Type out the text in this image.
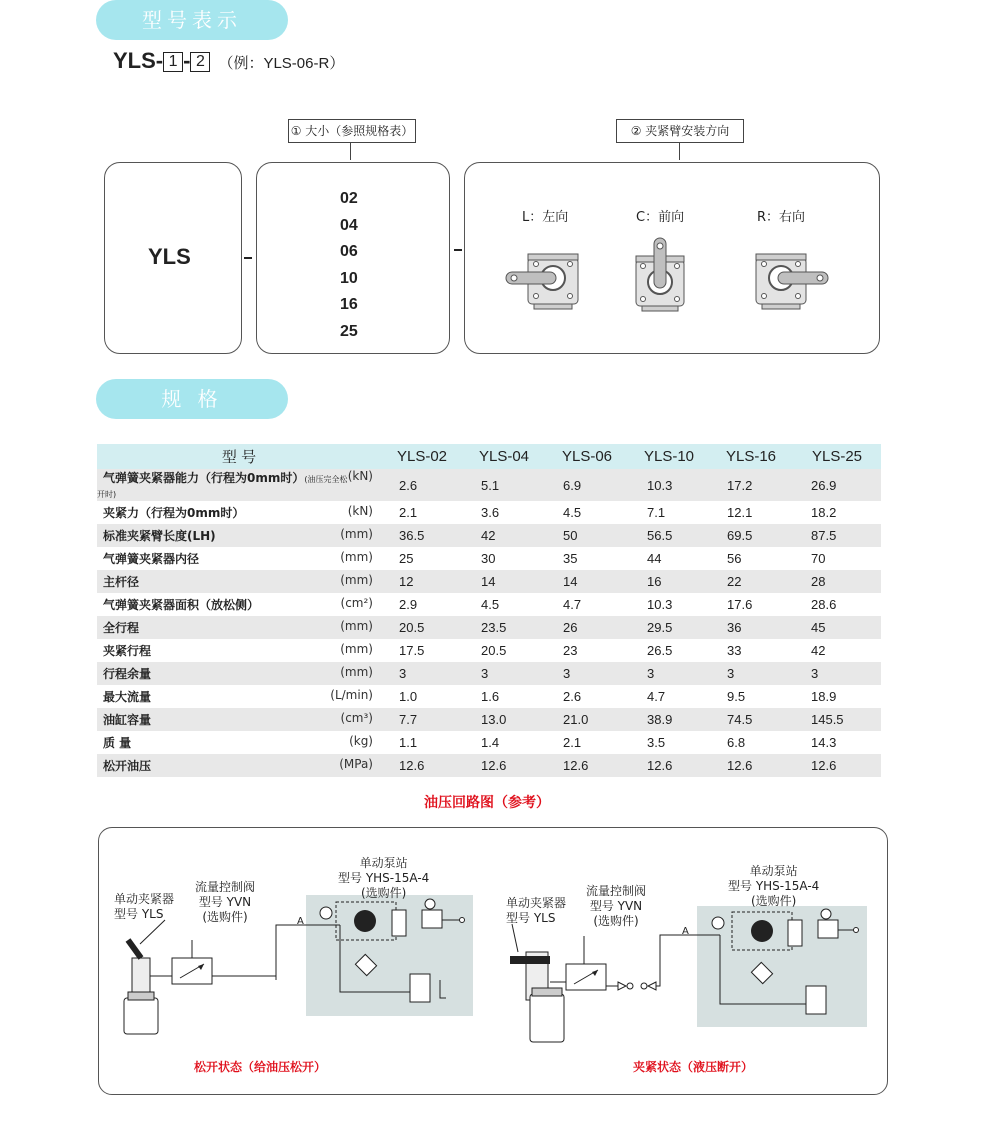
型号表示
YLS- 1 - 2 （例：YLS-06-R）
① 大小（参照规格表）	② 夹紧臂安装方向
YLS
02
04
06
10
16
25
L：左向	C：前向	R：右向
规 格
型 号	YLS-02	YLS-04	YLS-06	YLS-10	YLS-16	YLS-25

气弹簧夹紧器能力（行程为0mm时）(油压完全松开时)
(kN)	2.6	5.1	6.9	10.3	17.2	26.9

夹紧力（行程为0mm时） (kN)	2.1	3.6	4.5	7.1	12.1	18.2

标准夹紧臂长度(LH) (mm)	36.5	42	50	56.5	69.5	87.5

气弹簧夹紧器内径 (mm)	25	30	35	44	56	70

主杆径 (mm)	12	14	14	16	22	28

气弹簧夹紧器面积（放松侧） (cm²)	2.9	4.5	4.7	10.3	17.6	28.6

全行程 (mm)	20.5	23.5	26	29.5	36	45

夹紧行程 (mm)	17.5	20.5	23	26.5	33	42

行程余量 (mm)	3	3	3	3	3	3

最大流量 (L/min)	1.0	1.6	2.6	4.7	9.5	18.9

油缸容量 (cm³)	7.7	13.0	21.0	38.9	74.5	145.5

质 量 (kg)	1.1	1.4	2.1	3.5	6.8	14.3

松开油压 (MPa)	12.6	12.6	12.6	12.6	12.6	12.6
油压回路图（参考）
单动夹紧器
型号 YLS
流量控制阀
型号 YVN
(选购件)
单动泵站
型号 YHS-15A-4
(选购件)
A
松开状态（给油压松开）
单动夹紧器
型号 YLS
流量控制阀
型号 YVN
(选购件)
单动泵站
型号 YHS-15A-4
(选购件)
A
夹紧状态（液压断开）
